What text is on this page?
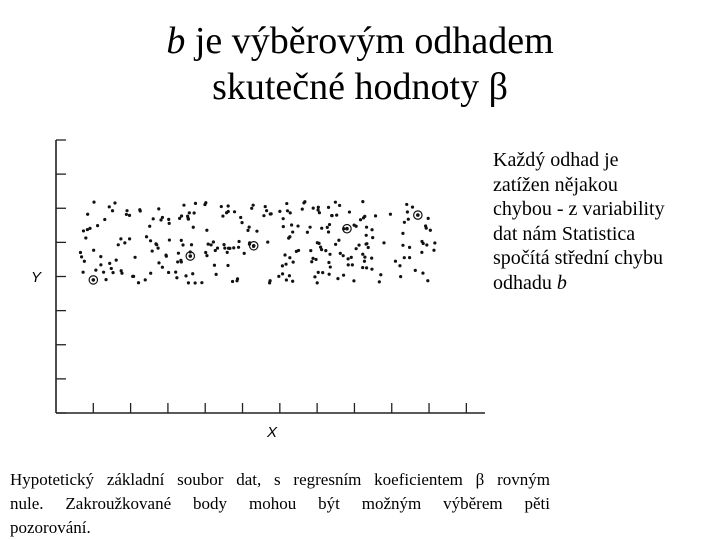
b je výběrovým odhadem
skutečné hodnoty β
Y
X
Každý odhad je
zatížen nějakou
chybou - z variability
dat nám Statistica
spočítá střední chybu
odhadu b
Hypotetický základní soubor dat, s regresním koeficientem β rovným
nule. Zakroužkované body mohou být možným výběrem pěti
pozorování.
